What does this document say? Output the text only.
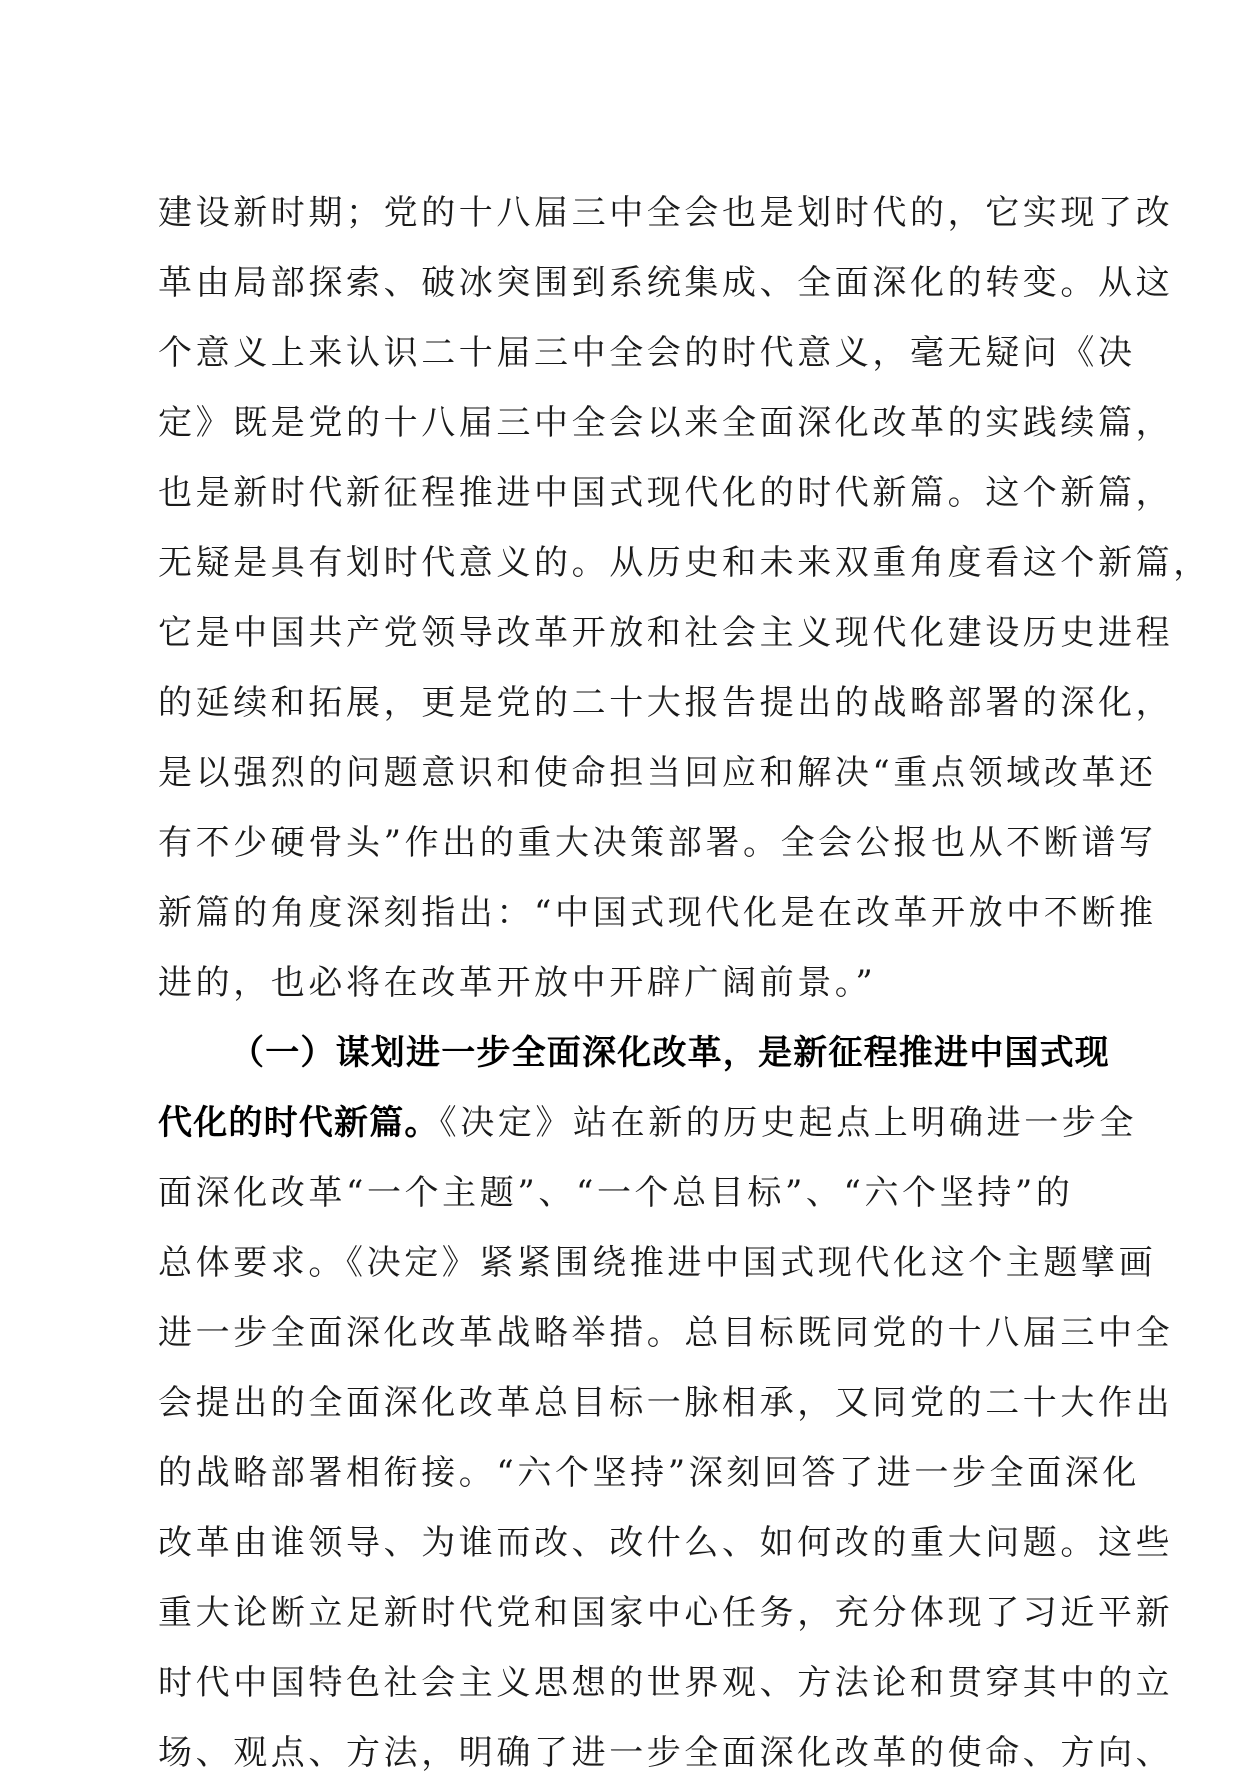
建设新时期；党的十八届三中全会也是划时代的，它实现了改
革由局部探索、破冰突围到系统集成、全面深化的转变。从这
个意义上来认识二十届三中全会的时代意义，毫无疑问《决
定》既是党的十八届三中全会以来全面深化改革的实践续篇，
也是新时代新征程推进中国式现代化的时代新篇。这个新篇，
无疑是具有划时代意义的。从历史和未来双重角度看这个新篇，
它是中国共产党领导改革开放和社会主义现代化建设历史进程
的延续和拓展，更是党的二十大报告提出的战略部署的深化，
是以强烈的问题意识和使命担当回应和解决“重点领域改革还
有不少硬骨头”作出的重大决策部署。全会公报也从不断谱写
新篇的角度深刻指出：“中国式现代化是在改革开放中不断推
进的，也必将在改革开放中开辟广阔前景。”
（一）谋划进一步全面深化改革，是新征程推进中国式现
代化的时代新篇。《决定》站在新的历史起点上明确进一步全
面深化改革“一个主题”、“一个总目标”、“六个坚持”的
总体要求。《决定》紧紧围绕推进中国式现代化这个主题擘画
进一步全面深化改革战略举措。总目标既同党的十八届三中全
会提出的全面深化改革总目标一脉相承，又同党的二十大作出
的战略部署相衔接。“六个坚持”深刻回答了进一步全面深化
改革由谁领导、为谁而改、改什么、如何改的重大问题。这些
重大论断立足新时代党和国家中心任务，充分体现了习近平新
时代中国特色社会主义思想的世界观、方法论和贯穿其中的立
场、观点、方法，明确了进一步全面深化改革的使命、方向、
